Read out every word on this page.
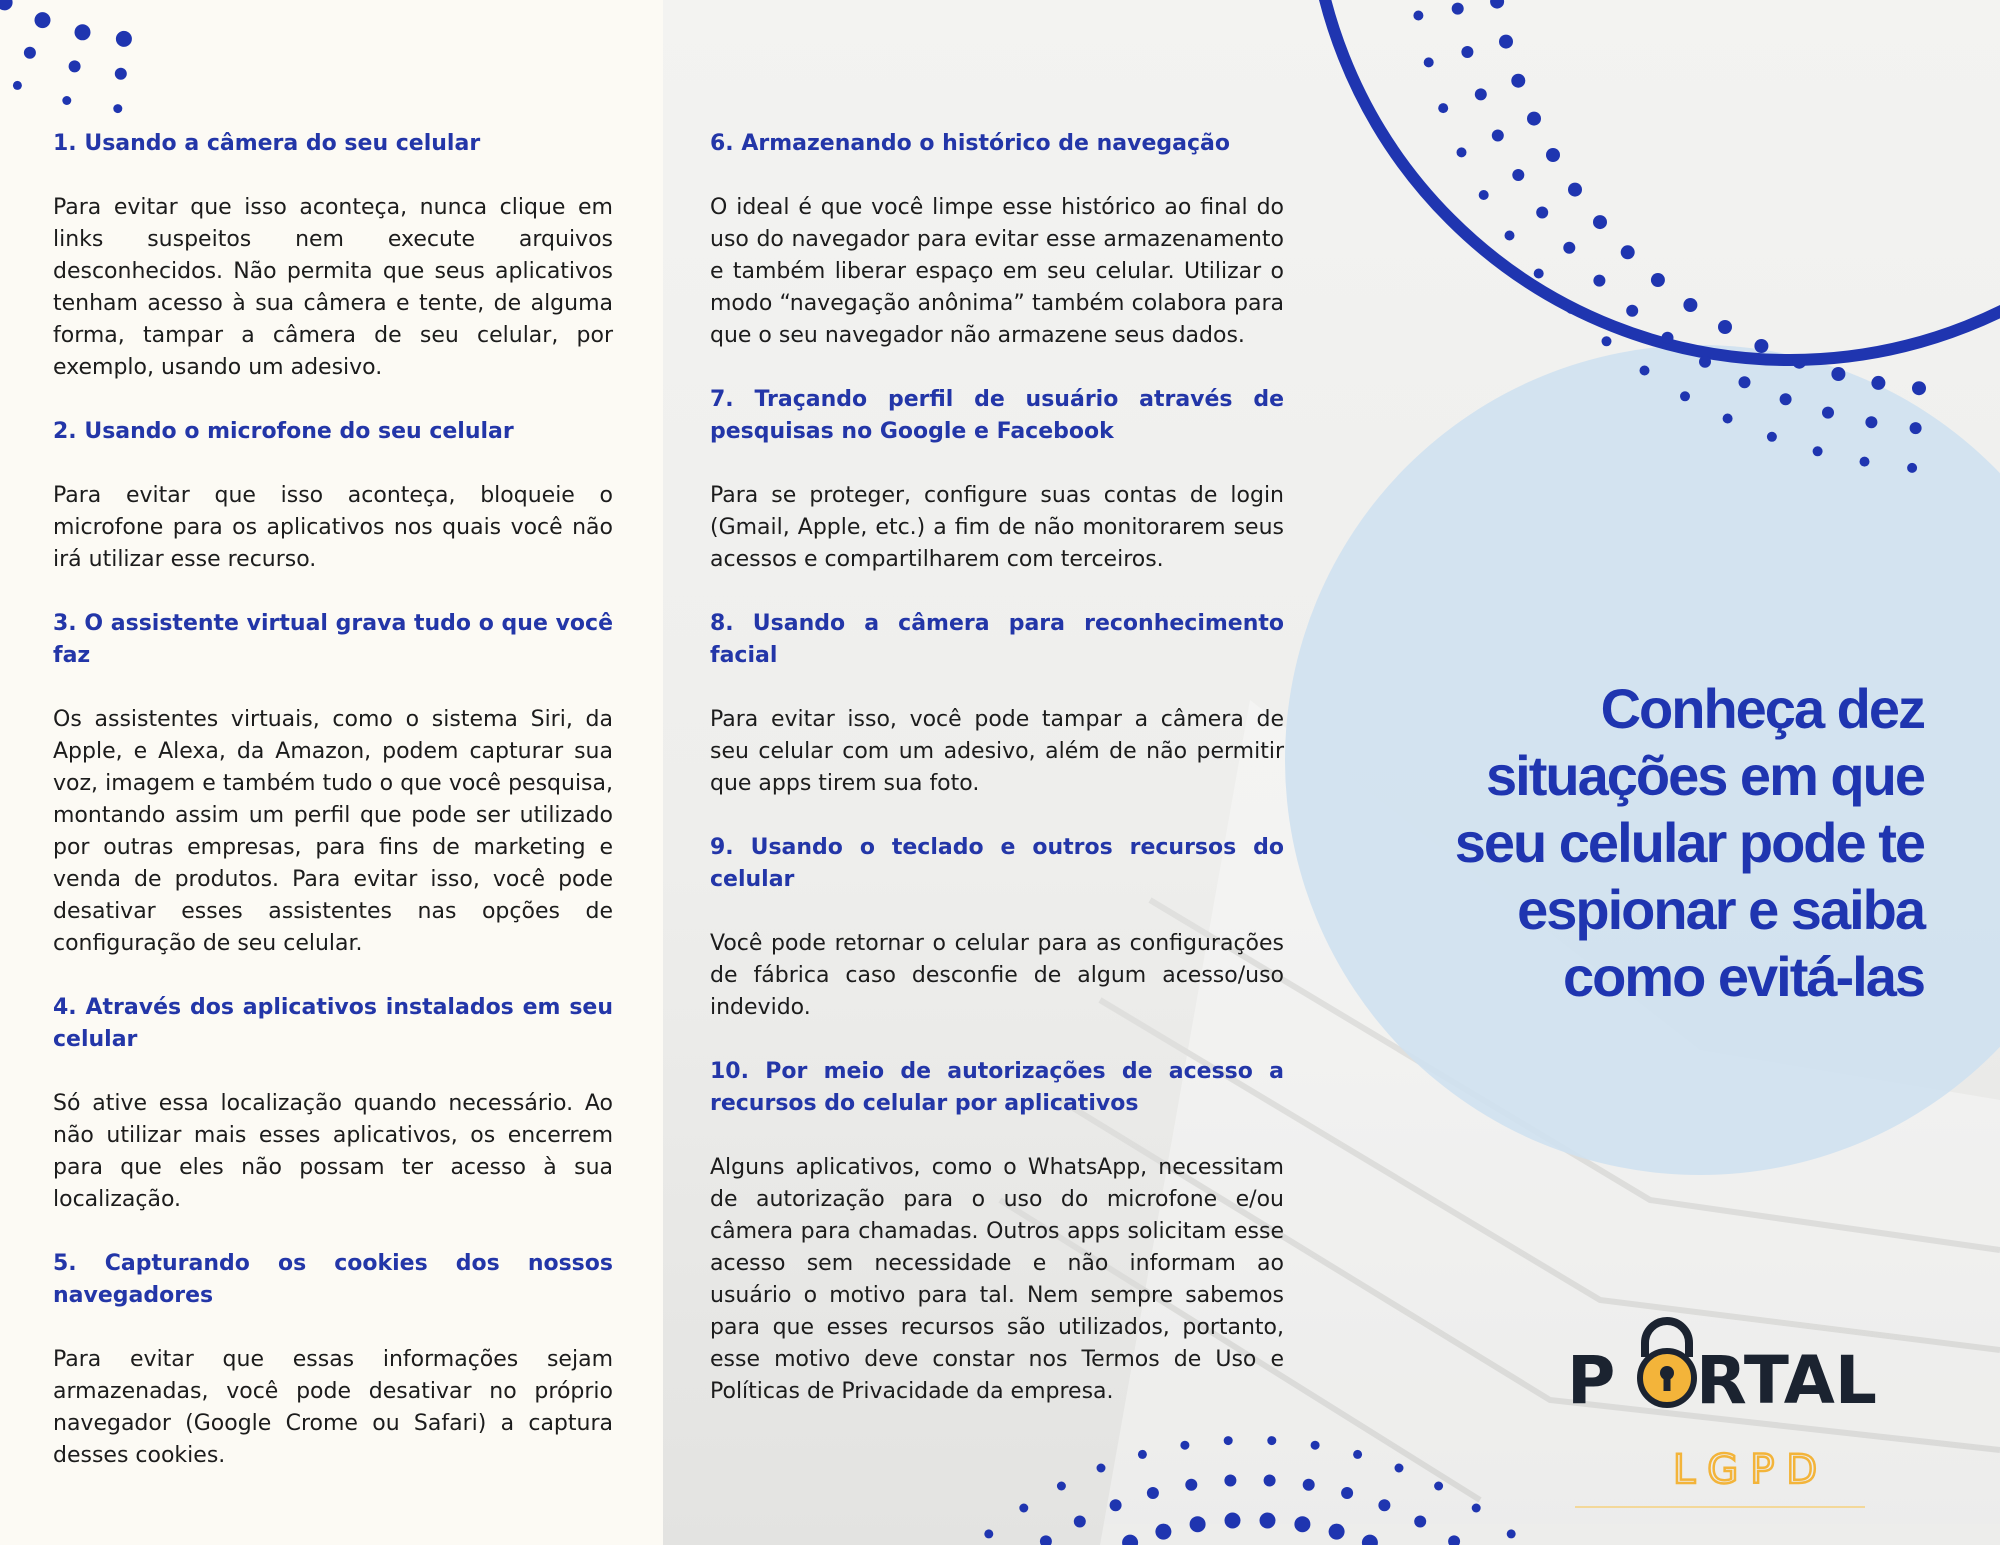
1. Usando a câmera do seu celular

Para evitar que isso aconteça, nunca clique em links suspeitos nem execute arquivos desconhecidos. Não permita que seus aplicativos tenham acesso à sua câmera e tente, de alguma forma, tampar a câmera de seu celular, por exemplo, usando um adesivo.

2. Usando o microfone do seu celular

Para evitar que isso aconteça, bloqueie o microfone para os aplicativos nos quais você não irá utilizar esse recurso.

3. O assistente virtual grava tudo o que você faz

Os assistentes virtuais, como o sistema Siri, da Apple, e Alexa, da Amazon, podem capturar sua voz, imagem e também tudo o que você pesquisa, montando assim um perfil que pode ser utilizado por outras empresas, para fins de marketing e venda de produtos. Para evitar isso, você pode desativar esses assistentes nas opções de configuração de seu celular.

4. Através dos aplicativos instalados em seu celular

Só ative essa localização quando necessário. Ao não utilizar mais esses aplicativos, os encerrem para que eles não possam ter acesso à sua localização.

5. Capturando os cookies dos nossos navegadores

Para evitar que essas informações sejam armazenadas, você pode desativar no próprio navegador (Google Crome ou Safari) a captura desses cookies.

6. Armazenando o histórico de navegação

O ideal é que você limpe esse histórico ao final do uso do navegador para evitar esse armazenamento e também liberar espaço em seu celular. Utilizar o modo “navegação anônima” também colabora para que o seu navegador não armazene seus dados.

7. Traçando perfil de usuário através de pesquisas no Google e Facebook

Para se proteger, configure suas contas de login (Gmail, Apple, etc.) a fim de não monitorarem seus acessos e compartilharem com terceiros.

8. Usando a câmera para reconhecimento facial

Para evitar isso, você pode tampar a câmera de seu celular com um adesivo, além de não permitir que apps tirem sua foto.

9. Usando o teclado e outros recursos do celular

Você pode retornar o celular para as configurações de fábrica caso desconfie de algum acesso/uso indevido.

10. Por meio de autorizações de acesso a recursos do celular por aplicativos

Alguns aplicativos, como o WhatsApp, necessitam de autorização para o uso do microfone e/ou câmera para chamadas. Outros apps solicitam esse acesso sem necessidade e não informam ao usuário o motivo para tal. Nem sempre sabemos para que esses recursos são utilizados, portanto, esse motivo deve constar nos Termos de Uso e Políticas de Privacidade da empresa.

Conheça dez
situações em que
seu celular pode te
espionar e saiba
como evitá-las
P RTAL
LGPD
